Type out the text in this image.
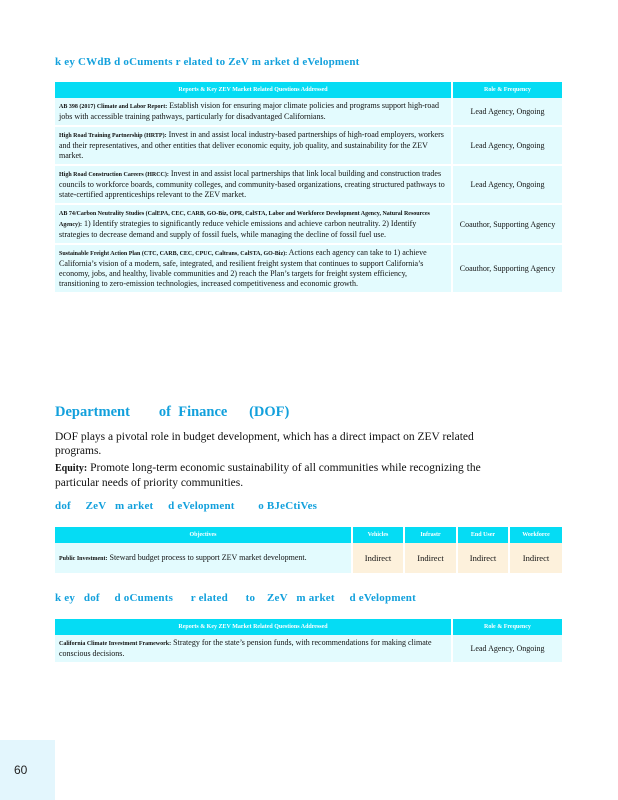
k ey CWdB d oCuments r elated to ZeV m arket d eVelopment
Reports & Key ZEV Market Related Questions Addressed	Role & Frequency
AB 398 (2017) Climate and Labor Report: Establish vision for ensuring major climate policies and programs support high-road jobs with accessible training pathways, particularly for disadvantaged Californians.	Lead Agency, Ongoing
High Road Training Partnership (HRTP): Invest in and assist local industry-based partnerships of high-road employers, workers and their representatives, and other entities that deliver economic equity, job quality, and sustainability for the ZEV market.	Lead Agency, Ongoing
High Road Construction Careers (HRCC): Invest in and assist local partnerships that link local building and construction trades councils to workforce boards, community colleges, and community-based organizations, creating structured pathways to state-certified apprenticeships relevant to the ZEV market.	Lead Agency, Ongoing
AB 74/Carbon Neutrality Studies (CalEPA, CEC, CARB, GO-Biz, OPR, CalSTA, Labor and Workforce Development Agency, Natural Resources Agency): 1) Identify strategies to significantly reduce vehicle emissions and achieve carbon neutrality. 2) Identify strategies to decrease demand and supply of fossil fuels, while managing the decline of fossil fuel use.	Coauthor, Supporting Agency
Sustainable Freight Action Plan (CTC, CARB, CEC, CPUC, Caltrans, CalSTA, GO-Biz): Actions each agency can take to 1) achieve California’s vision of a modern, safe, integrated, and resilient freight system that continues to support California’s economy, jobs, and healthy, livable communities and 2) reach the Plan’s targets for freight system efficiency, transitioning to zero-emission technologies, increased competitiveness and economic growth.	Coauthor, Supporting Agency
Department        of  Finance      (DOF)
DOF plays a pivotal role in budget development, which has a direct impact on ZEV related programs.
Equity: Promote long-term economic sustainability of all communities while recognizing the particular needs of priority communities.
dof     ZeV   m arket     d eVelopment        o BJeCtiVes
Objectives	Vehicles	Infrastr	End User	Workforce
Public Investment: Steward budget process to support ZEV market development.	Indirect	Indirect	Indirect	Indirect
k ey   dof     d oCuments      r elated      to    ZeV   m arket     d eVelopment
Reports & Key ZEV Market Related Questions Addressed	Role & Frequency
California Climate Investment Framework: Strategy for the state’s pension funds, with recommendations for making climate conscious decisions.	Lead Agency, Ongoing
60
